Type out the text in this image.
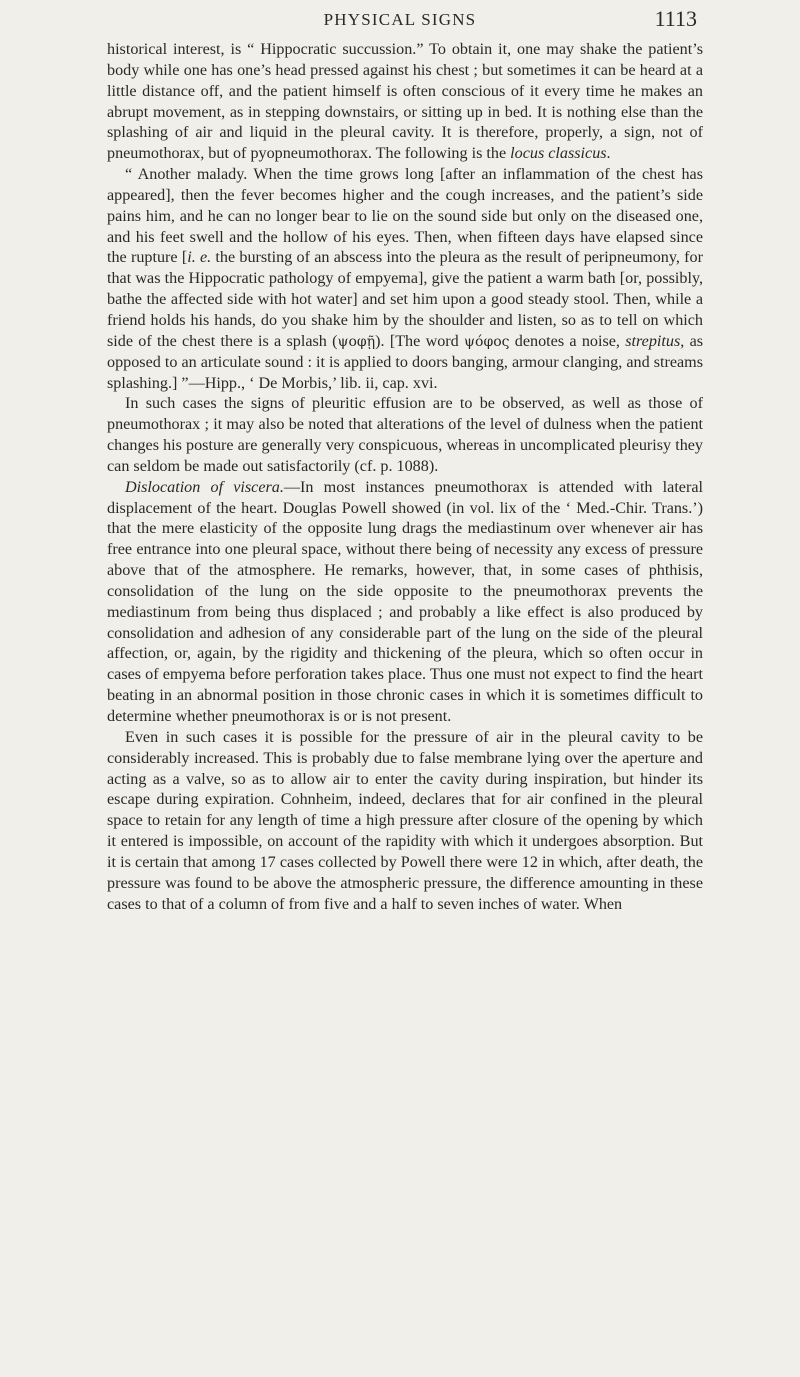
PHYSICAL SIGNS	1113

historical interest, is “ Hippocratic succussion.” To obtain it, one may shake the patient’s body while one has one’s head pressed against his chest ; but sometimes it can be heard at a little distance off, and the patient himself is often conscious of it every time he makes an abrupt movement, as in stepping downstairs, or sitting up in bed. It is nothing else than the splashing of air and liquid in the pleural cavity. It is therefore, properly, a sign, not of pneumothorax, but of pyopneumothorax. The following is the locus classicus.

“ Another malady. When the time grows long [after an inflammation of the chest has appeared], then the fever becomes higher and the cough increases, and the patient’s side pains him, and he can no longer bear to lie on the sound side but only on the diseased one, and his feet swell and the hollow of his eyes. Then, when fifteen days have elapsed since the rupture [i. e. the bursting of an abscess into the pleura as the result of peripneumony, for that was the Hippocratic pathology of empyema], give the patient a warm bath [or, possibly, bathe the affected side with hot water] and set him upon a good steady stool. Then, while a friend holds his hands, do you shake him by the shoulder and listen, so as to tell on which side of the chest there is a splash (ψοφῇ). [The word ψόφος denotes a noise, strepitus, as opposed to an articulate sound : it is applied to doors banging, armour clanging, and streams splashing.] ”—Hipp., ‘ De Morbis,’ lib. ii, cap. xvi.

In such cases the signs of pleuritic effusion are to be observed, as well as those of pneumothorax ; it may also be noted that alterations of the level of dulness when the patient changes his posture are generally very conspicuous, whereas in uncomplicated pleurisy they can seldom be made out satisfactorily (cf. p. 1088).

Dislocation of viscera.—In most instances pneumothorax is attended with lateral displacement of the heart. Douglas Powell showed (in vol. lix of the ‘ Med.-Chir. Trans.’) that the mere elasticity of the opposite lung drags the mediastinum over whenever air has free entrance into one pleural space, without there being of necessity any excess of pressure above that of the atmosphere. He remarks, however, that, in some cases of phthisis, consolidation of the lung on the side opposite to the pneumothorax prevents the mediastinum from being thus displaced ; and probably a like effect is also produced by consolidation and adhesion of any considerable part of the lung on the side of the pleural affection, or, again, by the rigidity and thickening of the pleura, which so often occur in cases of empyema before perforation takes place. Thus one must not expect to find the heart beating in an abnormal position in those chronic cases in which it is sometimes difficult to determine whether pneumothorax is or is not present.

Even in such cases it is possible for the pressure of air in the pleural cavity to be considerably increased. This is probably due to false membrane lying over the aperture and acting as a valve, so as to allow air to enter the cavity during inspiration, but hinder its escape during expiration. Cohnheim, indeed, declares that for air confined in the pleural space to retain for any length of time a high pressure after closure of the opening by which it entered is impossible, on account of the rapidity with which it undergoes absorption. But it is certain that among 17 cases collected by Powell there were 12 in which, after death, the pressure was found to be above the atmospheric pressure, the difference amounting in these cases to that of a column of from five and a half to seven inches of water. When
